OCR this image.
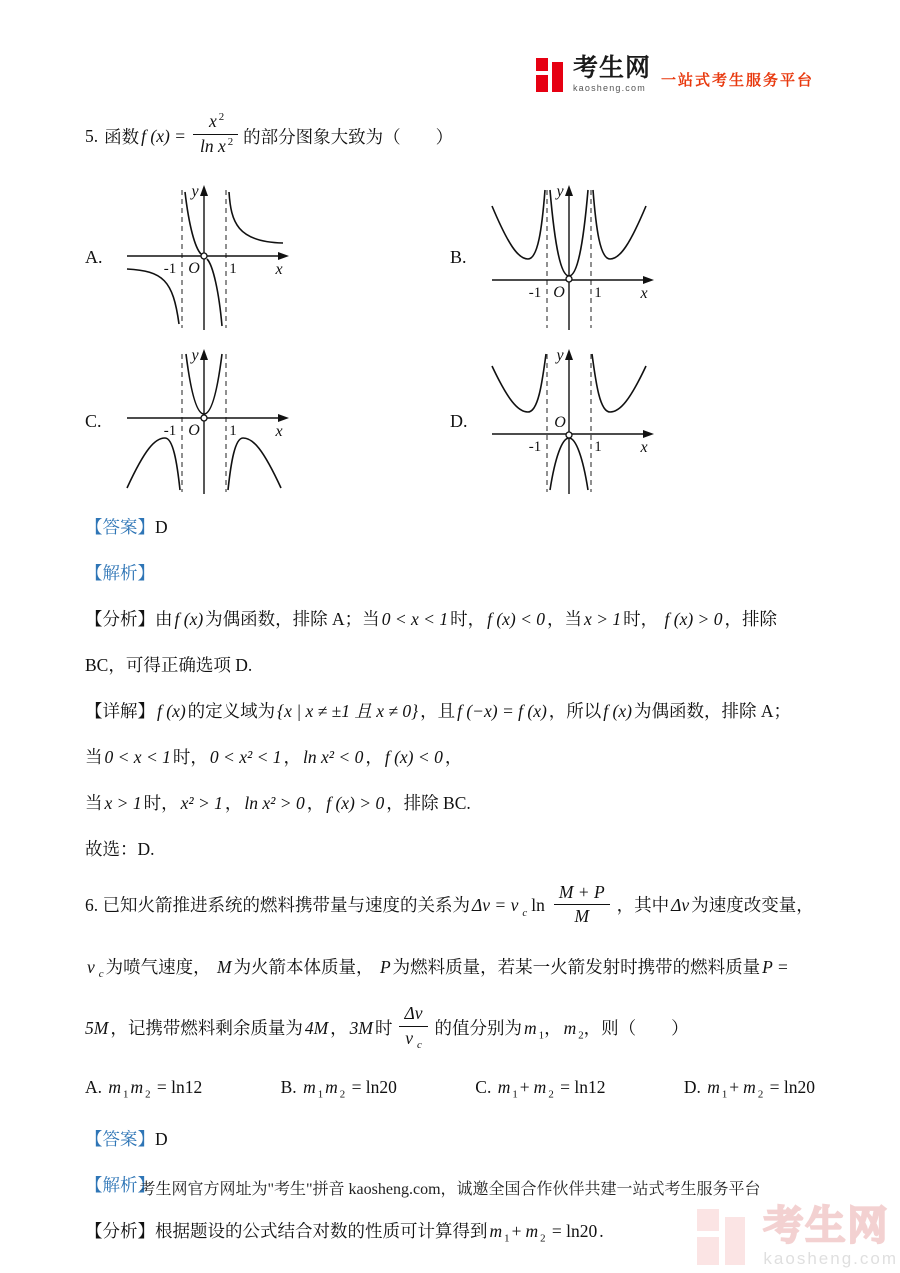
考生网
kaosheng.com	一站式考生服务平台
5. 函数 f $(x) = \frac{x ^2}{\ln x ^2}$ 的部分图象大致为（　　）
A.
y
x
O
-1	1
B.
y
x
O
-1	1
C.
y
x
O
-1	1
D.
y
x
O
-1	1
【答案】D
【解析】
【分析】由 f (x) 为偶函数，排除 A；当 0 < x < 1 时， f (x) < 0 ，当 x > 1 时， f (x) > 0 ，排除 BC，可得正确选项 D.
【详解】 f (x) 的定义域为 {x | x ≠ ±1 且 x ≠ 0} ，且 f (−x) = f (x) ，所以 f (x) 为偶函数，排除 A；
当 0 < x < 1 时， 0 < x² < 1 ， ln x² < 0 ， f (x) < 0 ，
当 x > 1 时， x² > 1 ， ln x² > 0 ， f (x) > 0 ，排除 BC.
故选：D.
6. 已知火箭推进系统的燃料携带量与速度的关系为 Δv = v $_c$ $\ln \frac{M + P}{M}$ ，其中 Δv 为速度改变量， v $_c$ 为喷气速度， M 为火箭本体质量， P 为燃料质量，若某一火箭发射时携带的燃料质量 P = 5M ，记携带燃料剩余质量为 4M ， 3M 时 $\frac{\Delta v}{v _c}$ 的值分别为 m $_1$， m $_2$，则（　　）
A. m $_1$ m $_2$ = ln12	B. m $_1$ m $_2$ = ln20	C. m $_1$ + m $_2$ = ln12	D. m $_1$ + m $_2$ = ln20
【答案】D
【解析】
【分析】根据题设的公式结合对数的性质可计算得到 m $_1$ + m $_2$ = ln20 .
考生网官方网址为"考生"拼音 kaosheng.com，诚邀全国合作伙伴共建一站式考生服务平台
考生网
kaosheng.com
